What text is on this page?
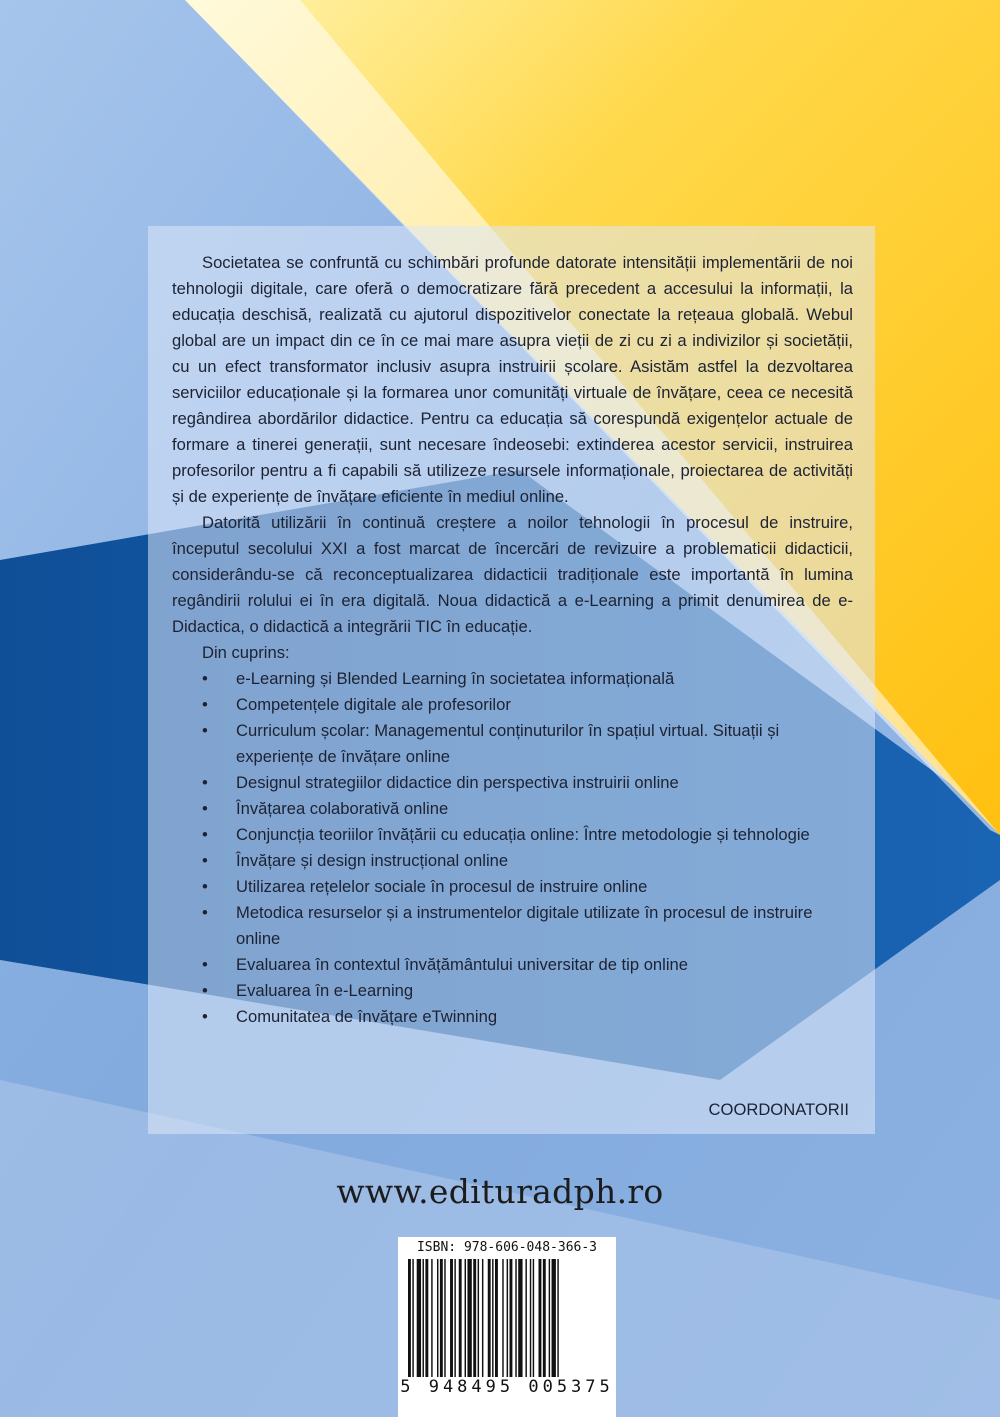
Societatea se confruntă cu schimbări profunde datorate intensității implementării de noi tehnologii digitale, care oferă o democratizare fără precedent a accesului la informații, la educația deschisă, realizată cu ajutorul dispozitivelor conectate la rețeaua globală. Webul global are un impact din ce în ce mai mare asupra vieții de zi cu zi a indivizilor și societății, cu un efect transformator inclusiv asupra instruirii școlare. Asistăm astfel la dezvoltarea serviciilor educaționale și la formarea unor comunități virtuale de învățare, ceea ce necesită regândirea abordărilor didactice. Pentru ca educația să corespundă exigențelor actuale de formare a tinerei generații, sunt necesare îndeosebi: extinderea acestor servicii, instruirea profesorilor pentru a fi capabili să utilizeze resursele informaționale, proiectarea de activități și de experiențe de învățare eficiente în mediul online.

Datorită utilizării în continuă creștere a noilor tehnologii în procesul de instruire, începutul secolului XXI a fost marcat de încercări de revizuire a problematicii didacticii, considerându-se că reconceptualizarea didacticii tradiționale este importantă în lumina regândirii rolului ei în era digitală. Noua didactică a e-Learning a primit denumirea de e-Didactica, o didactică a integrării TIC în educație.

Din cuprins:

• e-Learning și Blended Learning în societatea informațională
• Competențele digitale ale profesorilor
• Curriculum școlar: Managementul conținuturilor în spațiul virtual. Situații și experiențe de învățare online
• Designul strategiilor didactice din perspectiva instruirii online
• Învățarea colaborativă online
• Conjuncția teoriilor învățării cu educația online: Între metodologie și tehnologie
• Învățare și design instrucțional online
• Utilizarea rețelelor sociale în procesul de instruire online
• Metodica resurselor și a instrumentelor digitale utilizate în procesul de instruire online
• Evaluarea în contextul învățământului universitar de tip online
• Evaluarea în e-Learning
• Comunitatea de învățare eTwinning
COORDONATORII
www.edituradph.ro
ISBN: 978-606-048-366-3
5 948495 005375
